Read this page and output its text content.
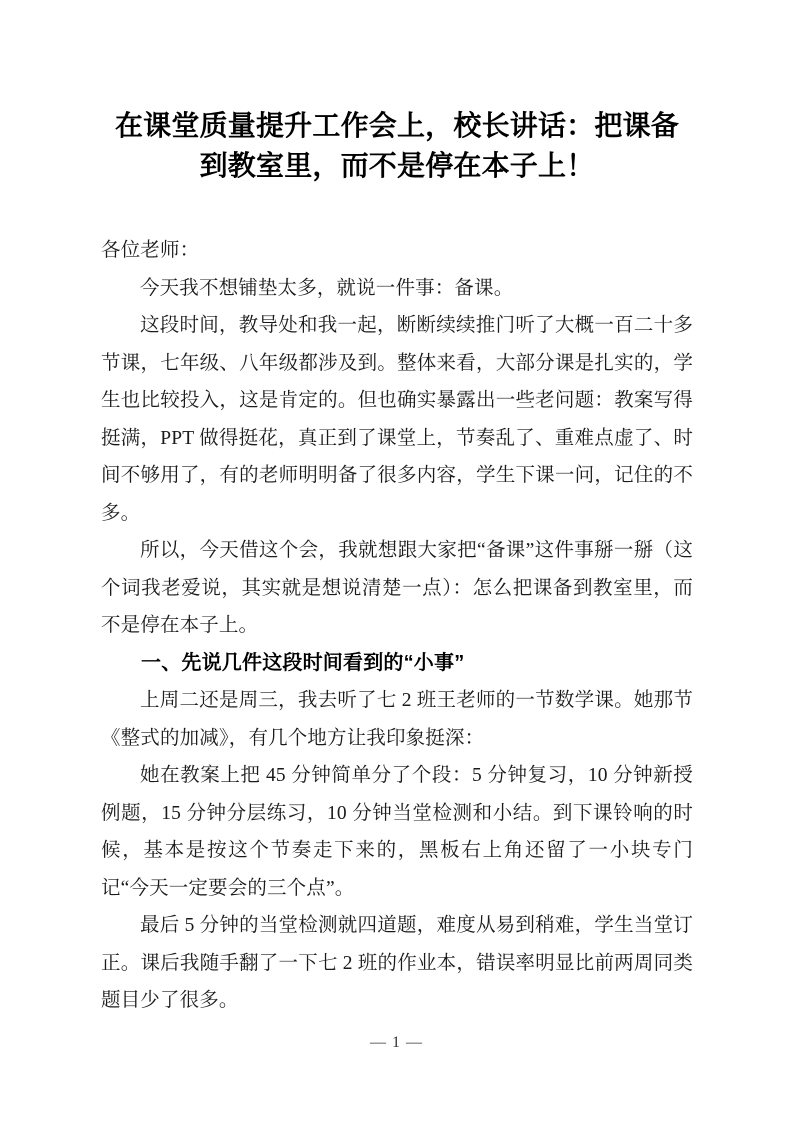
在课堂质量提升工作会上，校长讲话：把课备到教室里，而不是停在本子上！

各位老师：

今天我不想铺垫太多，就说一件事：备课。

这段时间，教导处和我一起，断断续续推门听了大概一百二十多节课，七年级、八年级都涉及到。整体来看，大部分课是扎实的，学生也比较投入，这是肯定的。但也确实暴露出一些老问题：教案写得挺满，PPT 做得挺花，真正到了课堂上，节奏乱了、重难点虚了、时间不够用了，有的老师明明备了很多内容，学生下课一问，记住的不多。

所以，今天借这个会，我就想跟大家把“备课”这件事掰一掰（这个词我老爱说，其实就是想说清楚一点）：怎么把课备到教室里，而不是停在本子上。

一、先说几件这段时间看到的“小事”

上周二还是周三，我去听了七 2 班王老师的一节数学课。她那节《整式的加减》，有几个地方让我印象挺深：

她在教案上把 45 分钟简单分了个段：5 分钟复习，10 分钟新授例题，15 分钟分层练习，10 分钟当堂检测和小结。到下课铃响的时候，基本是按这个节奏走下来的，黑板右上角还留了一小块专门记“今天一定要会的三个点”。

最后 5 分钟的当堂检测就四道题，难度从易到稍难，学生当堂订正。课后我随手翻了一下七 2 班的作业本，错误率明显比前两周同类题目少了很多。

— 1 —
